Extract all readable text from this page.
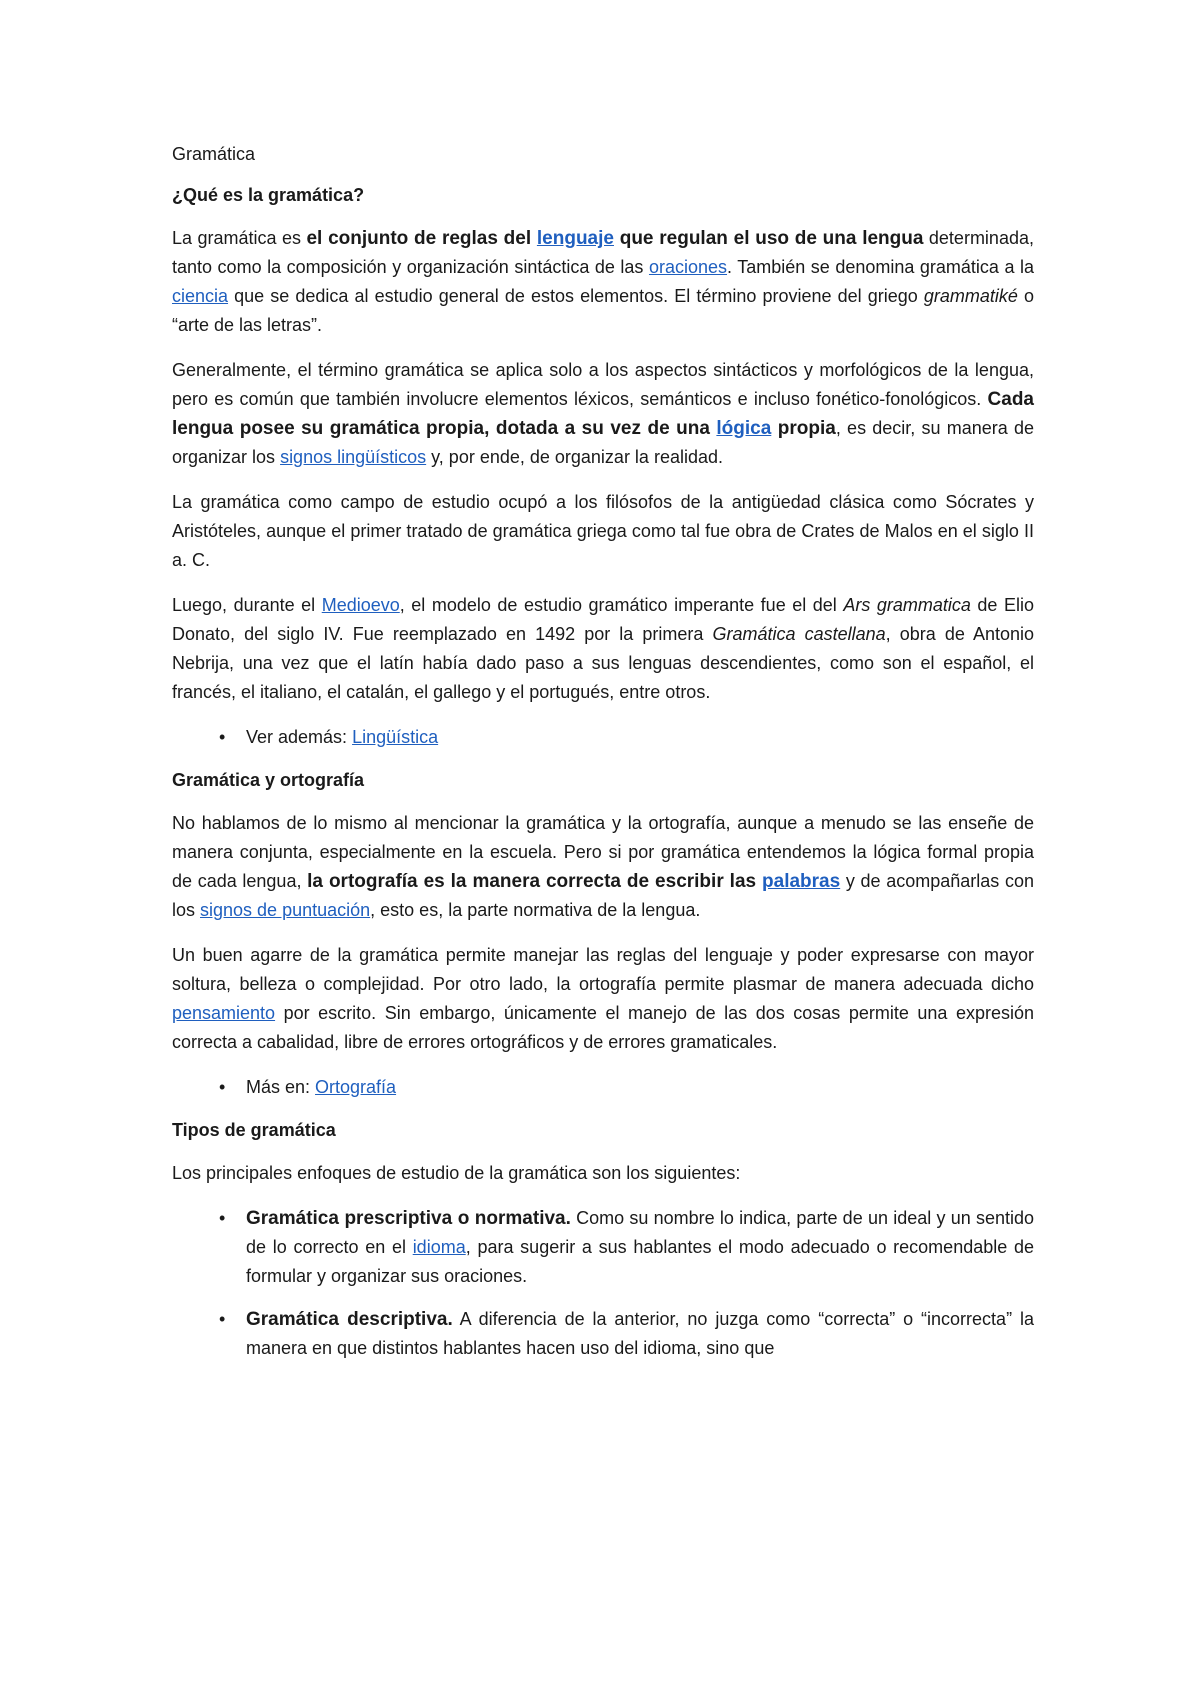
Gramática

¿Qué es la gramática?

La gramática es el conjunto de reglas del lenguaje que regulan el uso de una lengua determinada, tanto como la composición y organización sintáctica de las oraciones. También se denomina gramática a la ciencia que se dedica al estudio general de estos elementos. El término proviene del griego grammatiké o “arte de las letras”.

Generalmente, el término gramática se aplica solo a los aspectos sintácticos y morfológicos de la lengua, pero es común que también involucre elementos léxicos, semánticos e incluso fonético-fonológicos. Cada lengua posee su gramática propia, dotada a su vez de una lógica propia, es decir, su manera de organizar los signos lingüísticos y, por ende, de organizar la realidad.

La gramática como campo de estudio ocupó a los filósofos de la antigüedad clásica como Sócrates y Aristóteles, aunque el primer tratado de gramática griega como tal fue obra de Crates de Malos en el siglo II a. C.

Luego, durante el Medioevo, el modelo de estudio gramático imperante fue el del Ars grammatica de Elio Donato, del siglo IV. Fue reemplazado en 1492 por la primera Gramática castellana, obra de Antonio Nebrija, una vez que el latín había dado paso a sus lenguas descendientes, como son el español, el francés, el italiano, el catalán, el gallego y el portugués, entre otros.

• Ver además: Lingüística
Gramática y ortografía

No hablamos de lo mismo al mencionar la gramática y la ortografía, aunque a menudo se las enseñe de manera conjunta, especialmente en la escuela. Pero si por gramática entendemos la lógica formal propia de cada lengua, la ortografía es la manera correcta de escribir las palabras y de acompañarlas con los signos de puntuación, esto es, la parte normativa de la lengua.

Un buen agarre de la gramática permite manejar las reglas del lenguaje y poder expresarse con mayor soltura, belleza o complejidad. Por otro lado, la ortografía permite plasmar de manera adecuada dicho pensamiento por escrito. Sin embargo, únicamente el manejo de las dos cosas permite una expresión correcta a cabalidad, libre de errores ortográficos y de errores gramaticales.

• Más en: Ortografía
Tipos de gramática

Los principales enfoques de estudio de la gramática son los siguientes:

• Gramática prescriptiva o normativa. Como su nombre lo indica, parte de un ideal y un sentido de lo correcto en el idioma, para sugerir a sus hablantes el modo adecuado o recomendable de formular y organizar sus oraciones.
• Gramática descriptiva. A diferencia de la anterior, no juzga como “correcta” o “incorrecta” la manera en que distintos hablantes hacen uso del idioma, sino que
